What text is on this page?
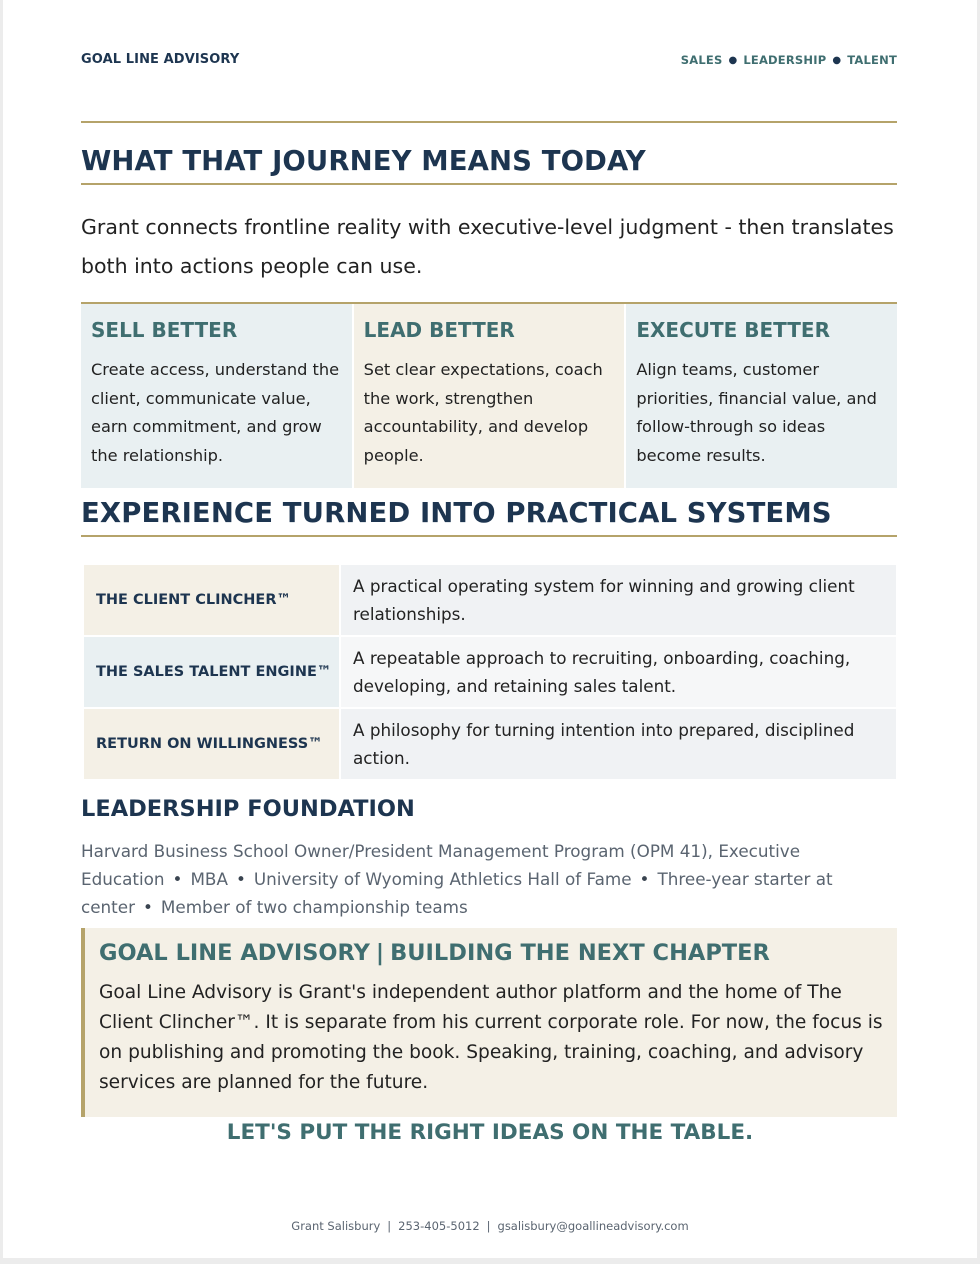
GOAL LINE ADVISORY	SALES ● LEADERSHIP ● TALENT
WHAT THAT JOURNEY MEANS TODAY
Grant connects frontline reality with executive-level judgment - then translates both into actions people can use.
SELL BETTER
Create access, understand the client, communicate value, earn commitment, and grow the relationship.
LEAD BETTER
Set clear expectations, coach the work, strengthen accountability, and develop people.
EXECUTE BETTER
Align teams, customer priorities, financial value, and follow-through so ideas become results.
EXPERIENCE TURNED INTO PRACTICAL SYSTEMS
THE CLIENT CLINCHER™
A practical operating system for winning and growing client relationships.
THE SALES TALENT ENGINE™
A repeatable approach to recruiting, onboarding, coaching, developing, and retaining sales talent.
RETURN ON WILLINGNESS™
A philosophy for turning intention into prepared, disciplined action.
LEADERSHIP FOUNDATION
Harvard Business School Owner/President Management Program (OPM 41), Executive Education • MBA • University of Wyoming Athletics Hall of Fame • Three-year starter at center • Member of two championship teams
GOAL LINE ADVISORY | BUILDING THE NEXT CHAPTER
Goal Line Advisory is Grant's independent author platform and the home of The Client Clincher™. It is separate from his current corporate role. For now, the focus is on publishing and promoting the book. Speaking, training, coaching, and advisory services are planned for the future.
LET'S PUT THE RIGHT IDEAS ON THE TABLE.
Grant Salisbury | 253-405-5012 | gsalisbury@goallineadvisory.com
